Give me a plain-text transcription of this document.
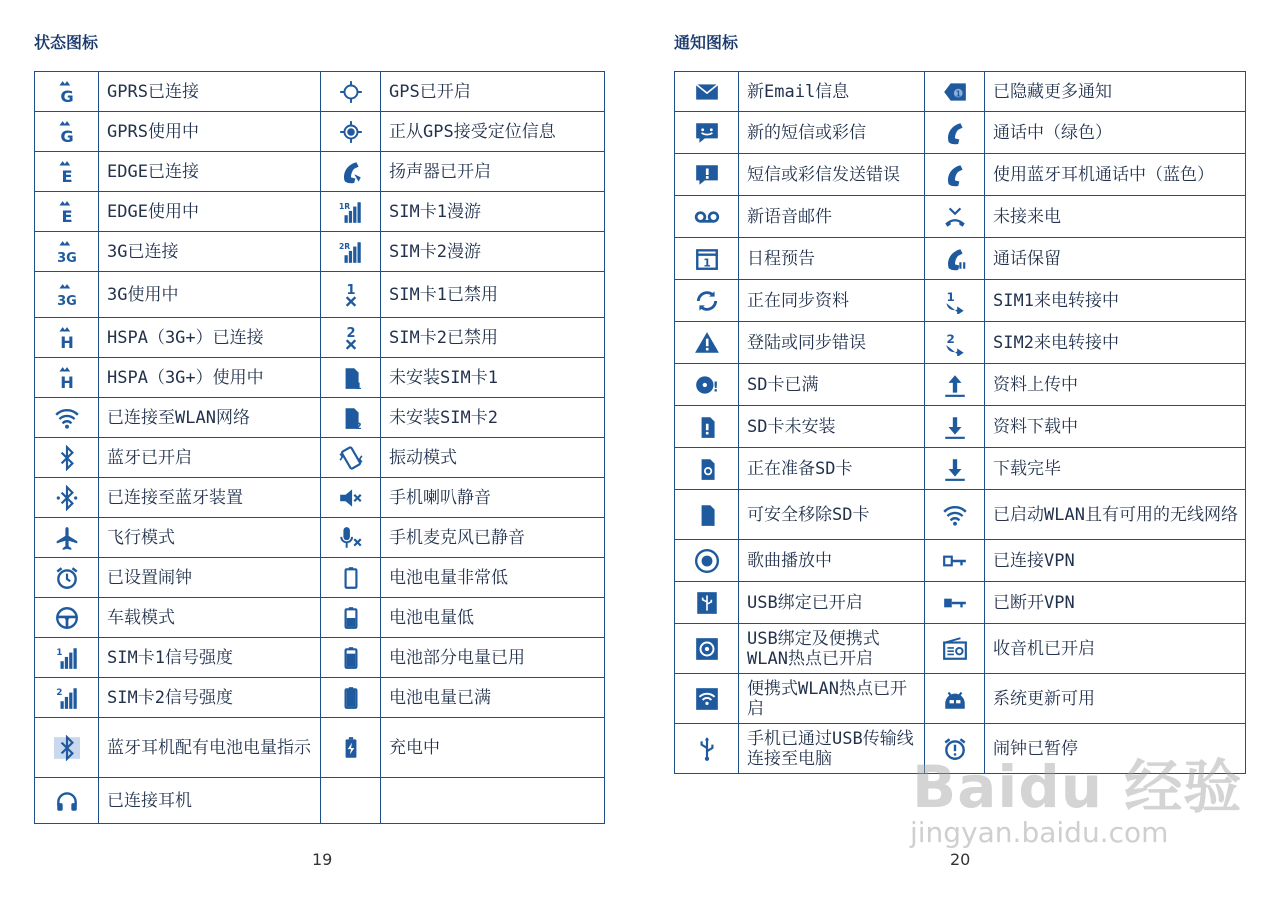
状态图标
G	GPRS已连接		GPS已开启

G	GPRS使用中		正从GPS接受定位信息

E	EDGE已连接		扬声器已开启

E	EDGE使用中	1R	SIM卡1漫游

3G	3G已连接	2R	SIM卡2漫游

3G	3G使用中	1	SIM卡1已禁用

H	HSPA（3G+）已连接	2	SIM卡2已禁用

H	HSPA（3G+）使用中	1	未安装SIM卡1

	已连接至WLAN网络	2	未安装SIM卡2

	蓝牙已开启		振动模式

	已连接至蓝牙装置		手机喇叭静音

	飞行模式		手机麦克风已静音

	已设置闹钟		电池电量非常低

	车载模式		电池电量低

1	SIM卡1信号强度		电池部分电量已用

2	SIM卡2信号强度		电池电量已满

	蓝牙耳机配有电池电量指示		充电中

	已连接耳机		
19
通知图标
	新Email信息	1	已隐藏更多通知

	新的短信或彩信		通话中（绿色）

	短信或彩信发送错误		使用蓝牙耳机通话中（蓝色）

	新语音邮件		未接来电

1	日程预告		通话保留

	正在同步资料	1	SIM1来电转接中

	登陆或同步错误	2	SIM2来电转接中

!	SD卡已满		资料上传中

	SD卡未安装		资料下载中

	正在准备SD卡		下载完毕

	可安全移除SD卡		已启动WLAN且有可用的无线网络

	歌曲播放中		已连接VPN

	USB绑定已开启		已断开VPN

	USB绑定及便携式WLAN热点已开启		收音机已开启

	便携式WLAN热点已开启		系统更新可用

	手机已通过USB传输线连接至电脑		闹钟已暂停
20
Baidu 经验
jingyan.baidu.com
